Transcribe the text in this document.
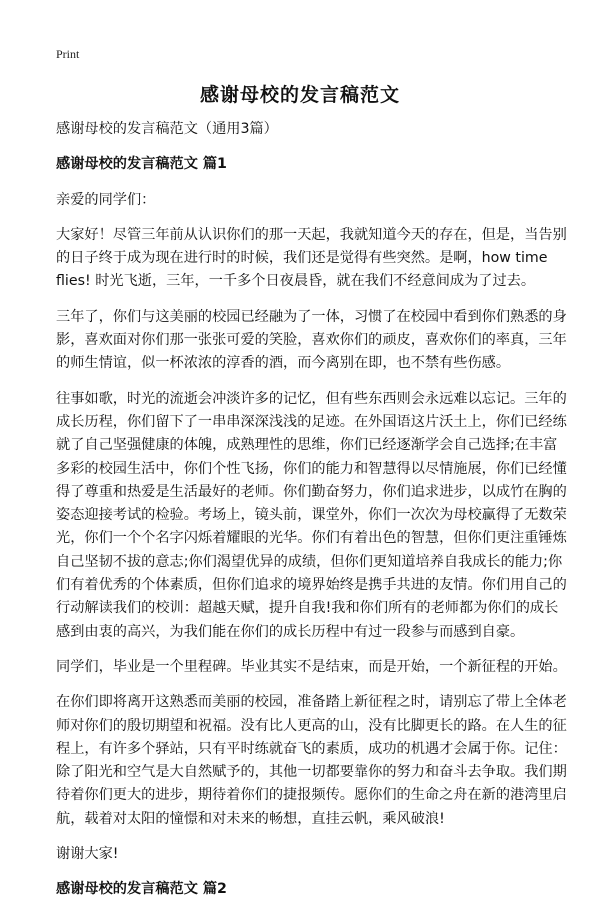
Print
感谢母校的发言稿范文
感谢母校的发言稿范文（通用3篇）
感谢母校的发言稿范文 篇1
亲爱的同学们：
大家好！尽管三年前从认识你们的那一天起，我就知道今天的存在，但是，当告别
的日子终于成为现在进行时的时候，我们还是觉得有些突然。是啊，how time
flies! 时光飞逝，三年，一千多个日夜晨昏，就在我们不经意间成为了过去。
三年了，你们与这美丽的校园已经融为了一体，习惯了在校园中看到你们熟悉的身
影，喜欢面对你们那一张张可爱的笑脸，喜欢你们的顽皮，喜欢你们的率真，三年
的师生情谊，似一杯浓浓的淳香的酒，而今离别在即，也不禁有些伤感。
往事如歌，时光的流逝会冲淡许多的记忆，但有些东西则会永远难以忘记。三年的
成长历程，你们留下了一串串深深浅浅的足迹。在外国语这片沃土上，你们已经练
就了自己坚强健康的体魄，成熟理性的思维，你们已经逐渐学会自己选择;在丰富
多彩的校园生活中，你们个性飞扬，你们的能力和智慧得以尽情施展，你们已经懂
得了尊重和热爱是生活最好的老师。你们勤奋努力，你们追求进步，以成竹在胸的
姿态迎接考试的检验。考场上，镜头前，课堂外，你们一次次为母校赢得了无数荣
光，你们一个个名字闪烁着耀眼的光华。你们有着出色的智慧，但你们更注重锤炼
自己坚韧不拔的意志;你们渴望优异的成绩，但你们更知道培养自我成长的能力;你
们有着优秀的个体素质，但你们追求的境界始终是携手共进的友情。你们用自己的
行动解读我们的校训：超越天赋，提升自我!我和你们所有的老师都为你们的成长
感到由衷的高兴，为我们能在你们的成长历程中有过一段参与而感到自豪。
同学们，毕业是一个里程碑。毕业其实不是结束，而是开始，一个新征程的开始。
在你们即将离开这熟悉而美丽的校园，准备踏上新征程之时，请别忘了带上全体老
师对你们的殷切期望和祝福。没有比人更高的山，没有比脚更长的路。在人生的征
程上，有许多个驿站，只有平时练就奋飞的素质，成功的机遇才会属于你。记住：
除了阳光和空气是大自然赋予的，其他一切都要靠你的努力和奋斗去争取。我们期
待着你们更大的进步，期待着你们的捷报频传。愿你们的生命之舟在新的港湾里启
航，载着对太阳的憧憬和对未来的畅想，直挂云帆，乘风破浪!
谢谢大家!
感谢母校的发言稿范文 篇2
